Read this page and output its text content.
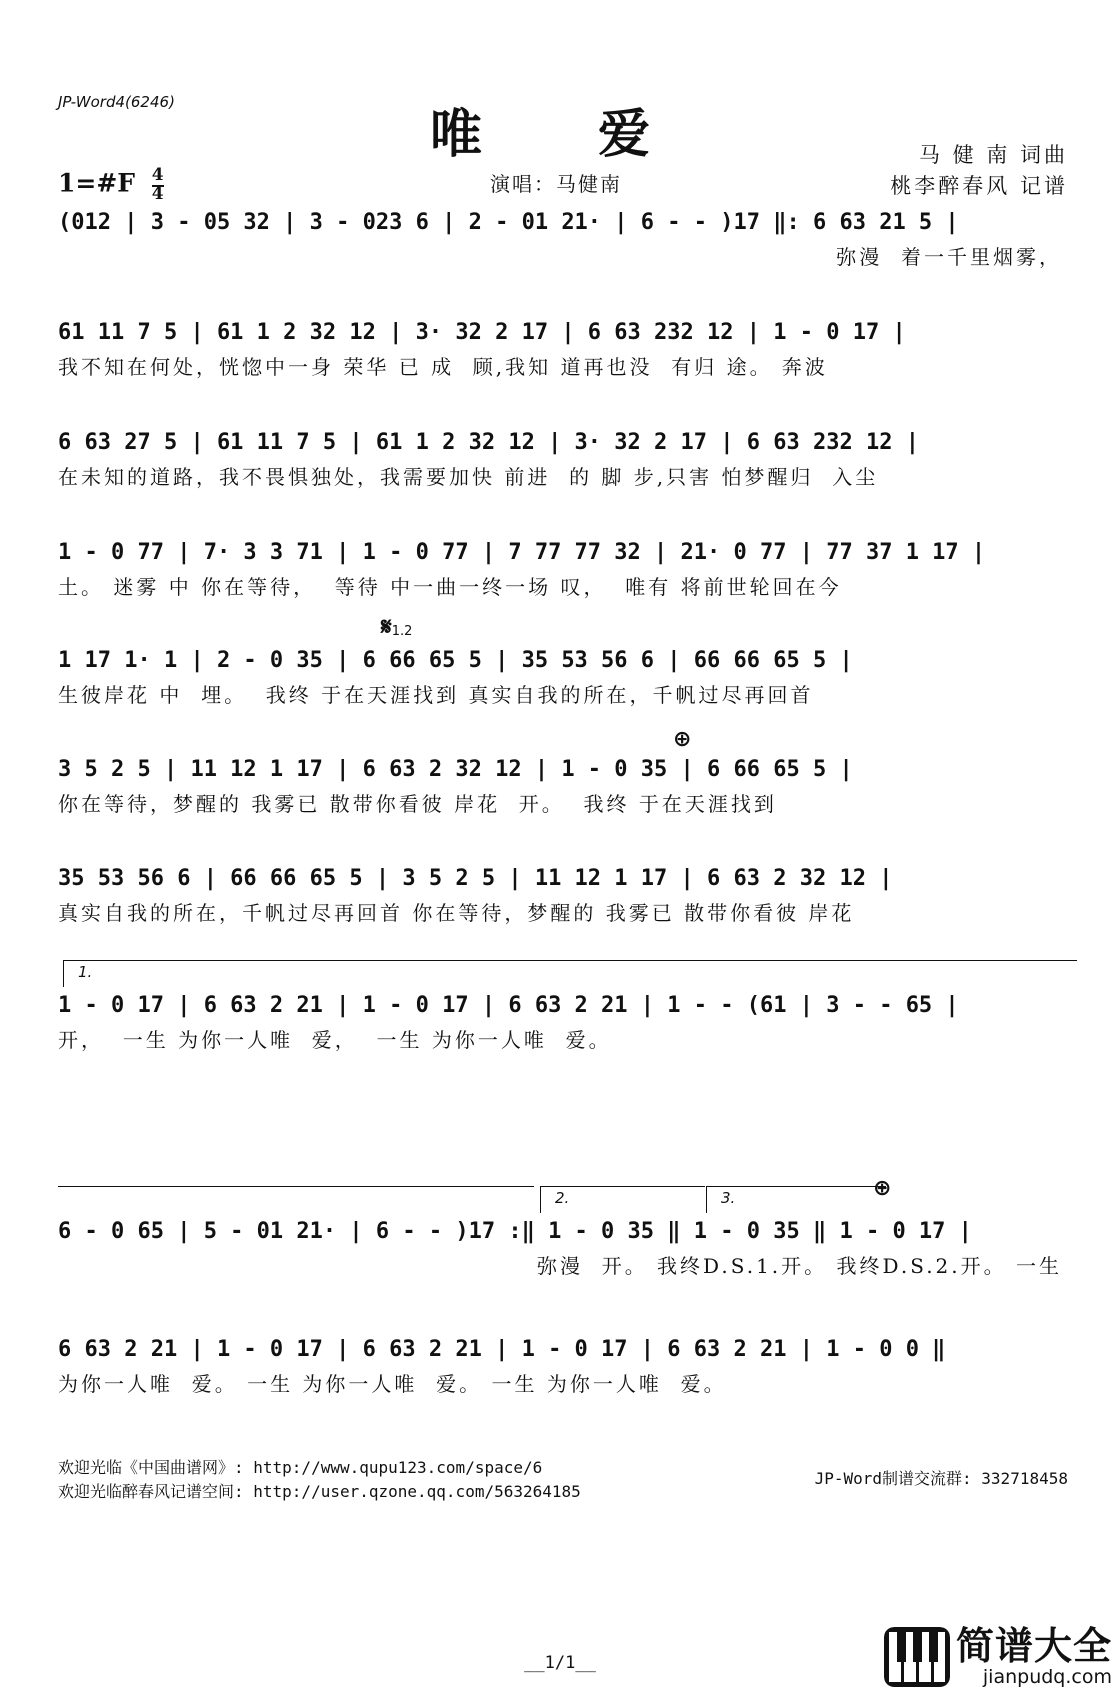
JP-Word4(6246)
唯 爱	马 健 南 词曲
桃李醉春风 记谱
演唱：马健南
1=#F $\frac{4}{4}$
(012 | 3 - 05 32 | 3 - 023 6 | 2 - 01 21· | 6 - - )17 ‖: 6 63 21 5 |
弥漫  着一千里烟雾，
61 11 7 5 | 61 1 2 32 12 | 3· 32 2 17 | 6 63 232 12 | 1 - 0 17 |
我不知在何处，恍惚中一身 荣华 已 成  顾,我知 道再也没  有归 途。 奔波
6 63 27 5 | 61 11 7 5 | 61 1 2 32 12 | 3· 32 2 17 | 6 63 232 12 |
在未知的道路，我不畏惧独处，我需要加快 前进  的 脚 步,只害 怕梦醒归  入尘
1 - 0 77 | 7· 3 3 71 | 1 - 0 77 | 7 77 77 32 | 21· 0 77 | 77 37 1 17 |
土。 迷雾 中 你在等待，  等待 中一曲一终一场 叹，  唯有 将前世轮回在今
𝄋1.2
1 17 1· 1 | 2 - 0 35 | 6 66 65 5 | 35 53 56 6 | 66 66 65 5 |
生彼岸花 中  埋。  我终 于在天涯找到 真实自我的所在，千帆过尽再回首
⊕
3 5 2 5 | 11 12 1 17 | 6 63 2 32 12 | 1 - 0 35 | 6 66 65 5 |
你在等待，梦醒的 我雾已 散带你看彼 岸花  开。  我终 于在天涯找到
35 53 56 6 | 66 66 65 5 | 3 5 2 5 | 11 12 1 17 | 6 63 2 32 12 |
真实自我的所在，千帆过尽再回首 你在等待，梦醒的 我雾已 散带你看彼 岸花
1.
1 - 0 17 | 6 63 2 21 | 1 - 0 17 | 6 63 2 21 | 1 - - (61 | 3 - - 65 |
开，  一生 为你一人唯  爱，  一生 为你一人唯  爱。
2.	3.	⊕
6 - 0 65 | 5 - 01 21· | 6 - - )17 :‖ 1 - 0 35 ‖ 1 - 0 35 ‖ 1 - 0 17 |
弥漫  开。 我终D.S.1.开。 我终D.S.2.开。 一生
6 63 2 21 | 1 - 0 17 | 6 63 2 21 | 1 - 0 17 | 6 63 2 21 | 1 - 0 0 ‖
为你一人唯  爱。 一生 为你一人唯  爱。 一生 为你一人唯  爱。
欢迎光临《中国曲谱网》: http://www.qupu123.com/space/6
欢迎光临醉春风记谱空间: http://user.qzone.qq.com/563264185
JP-Word制谱交流群: 332718458
__1/1__	简谱大全
jianpudq.com
